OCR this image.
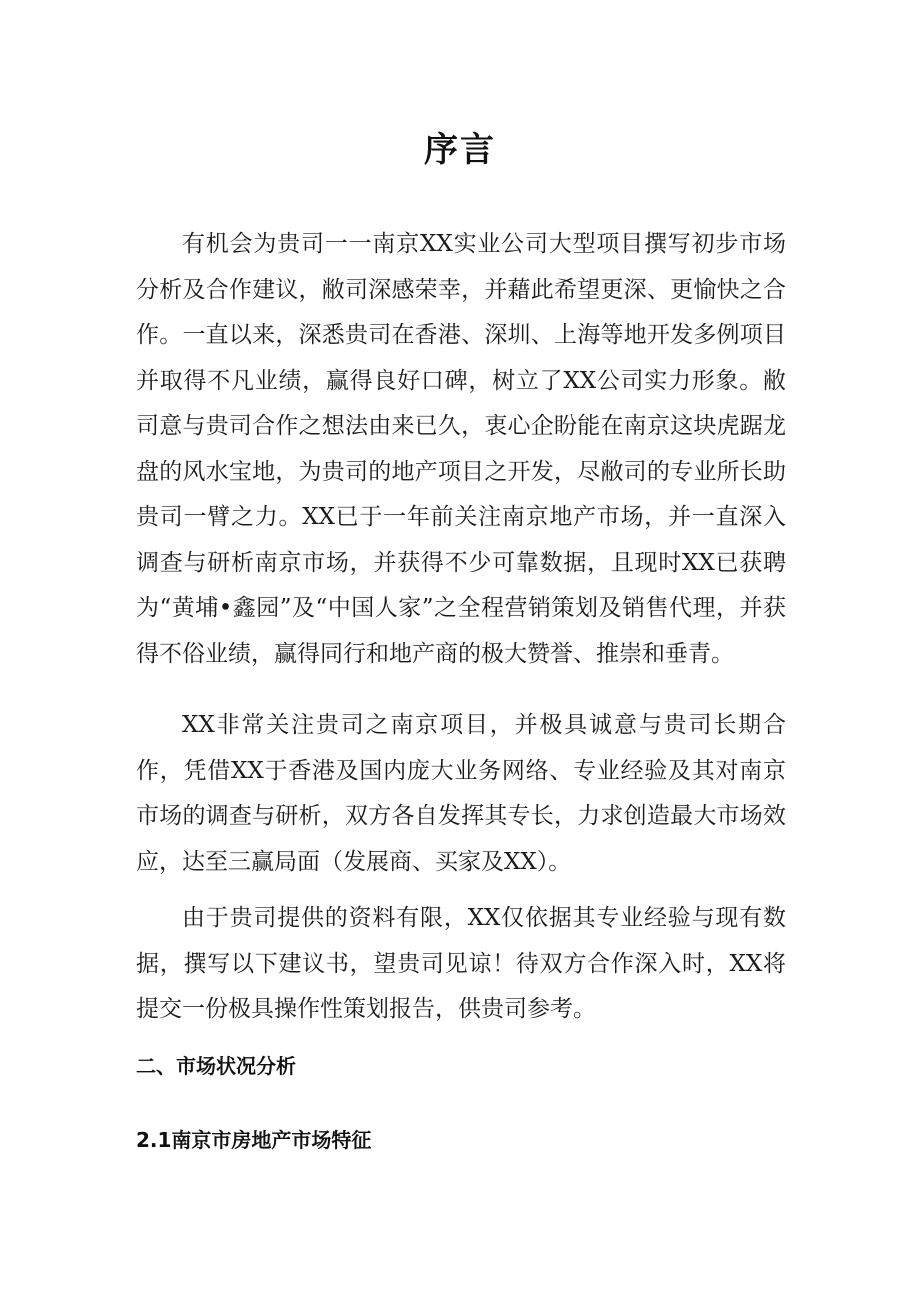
序言

有机会为贵司一一南京XX实业公司大型项目撰写初步市场分析及合作建议，敝司深感荣幸，并藉此希望更深、更愉快之合作。一直以来，深悉贵司在香港、深圳、上海等地开发多例项目并取得不凡业绩，赢得良好口碑，树立了XX公司实力形象。敝司意与贵司合作之想法由来已久，衷心企盼能在南京这块虎踞龙盘的风水宝地，为贵司的地产项目之开发，尽敝司的专业所长助贵司一臂之力。XX已于一年前关注南京地产市场，并一直深入调查与研析南京市场，并获得不少可靠数据，且现时XX已获聘为“黄埔•鑫园”及“中国人家”之全程营销策划及销售代理，并获得不俗业绩，赢得同行和地产商的极大赞誉、推崇和垂青。

XX非常关注贵司之南京项目，并极具诚意与贵司长期合作，凭借XX于香港及国内庞大业务网络、专业经验及其对南京市场的调查与研析，双方各自发挥其专长，力求创造最大市场效应，达至三赢局面（发展商、买家及XX）。

由于贵司提供的资料有限，XX仅依据其专业经验与现有数据，撰写以下建议书，望贵司见谅！待双方合作深入时，XX将提交一份极具操作性策划报告，供贵司参考。

二、市场状况分析
2.1南京市房地产市场特征
